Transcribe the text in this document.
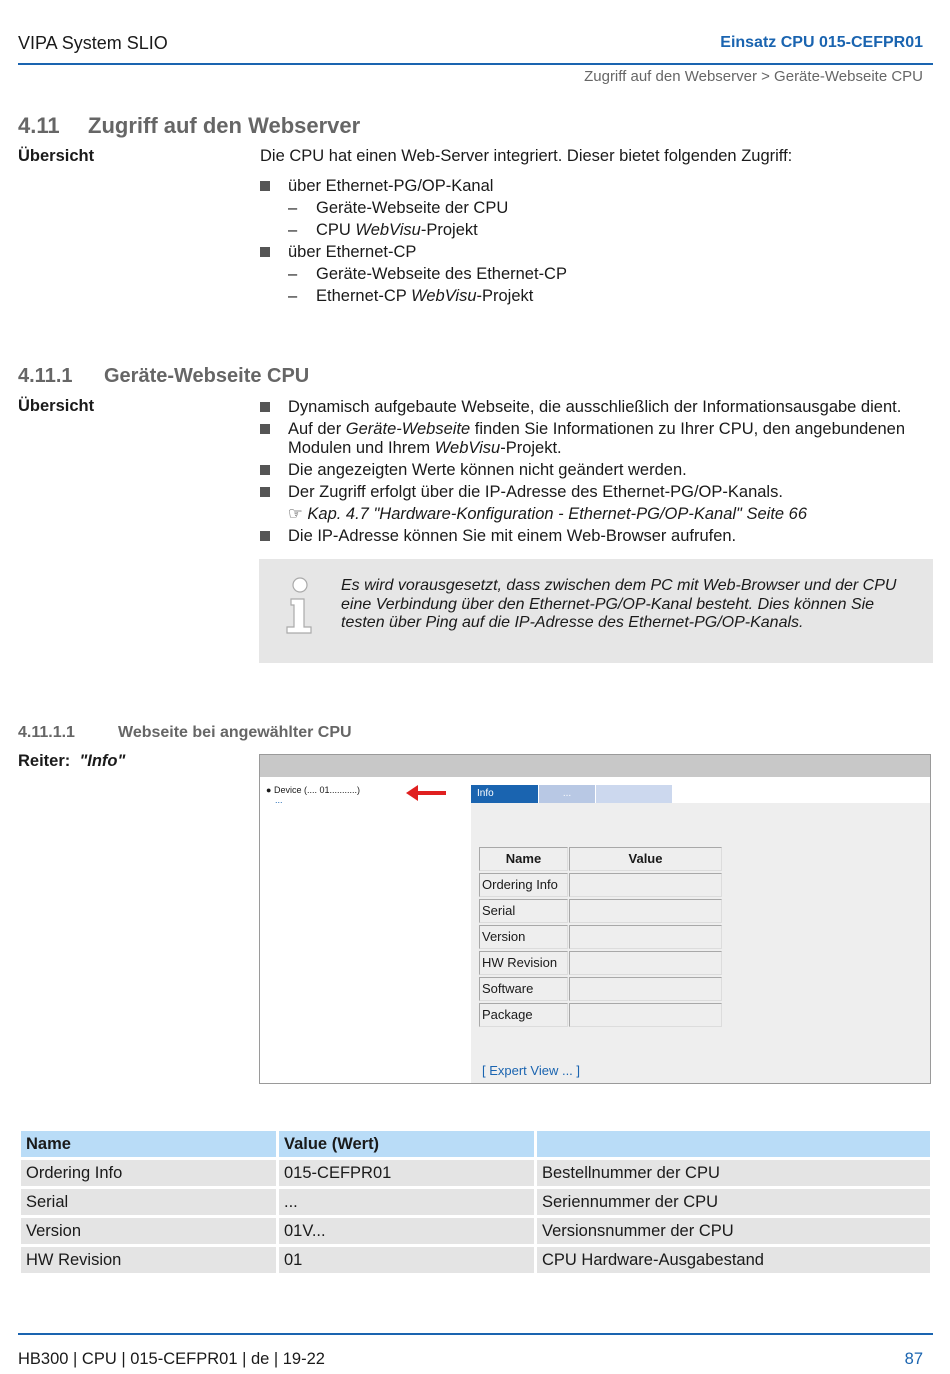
VIPA System SLIO	Einsatz CPU 015-CEFPR01
Zugriff auf den Webserver > Geräte-Webseite CPU
4.11 Zugriff auf den Webserver
Übersicht	Die CPU hat einen Web-Server integriert. Dieser bietet folgenden Zugriff:
über Ethernet-PG/OP-Kanal
– Geräte-Webseite der CPU
– CPU WebVisu-Projekt
über Ethernet-CP
– Geräte-Webseite des Ethernet-CP
– Ethernet-CP WebVisu-Projekt
4.11.1 Geräte-Webseite CPU
Übersicht	Dynamisch aufgebaute Webseite, die ausschließlich der Informationsausgabe dient.
Auf der Geräte-Webseite finden Sie Informationen zu Ihrer CPU, den angebundenen
Modulen und Ihrem WebVisu-Projekt.
Die angezeigten Werte können nicht geändert werden.
Der Zugriff erfolgt über die IP-Adresse des Ethernet-PG/OP-Kanals.
☞ Kap. 4.7 "Hardware-Konfiguration - Ethernet-PG/OP-Kanal" Seite 66
Die IP-Adresse können Sie mit einem Web-Browser aufrufen.
Es wird vorausgesetzt, dass zwischen dem PC mit Web-Browser und der CPU eine Verbindung über den Ethernet-PG/OP-Kanal besteht. Dies können Sie testen über Ping auf die IP-Adresse des Ethernet-PG/OP-Kanals.
4.11.1.1	Webseite bei angewählter CPU
Reiter: "Info"
● Device (.... 01...........)
...
Info	...
Name	Value
Ordering Info
Serial
Version
HW Revision
Software
Package
[ Expert View ... ]
Name	Value (Wert)	
Ordering Info	015-CEFPR01	Bestellnummer der CPU
Serial	...	Seriennummer der CPU
Version	01V...	Versionsnummer der CPU
HW Revision	01	CPU Hardware-Ausgabestand
HB300 | CPU | 015-CEFPR01 | de | 19-22	87
